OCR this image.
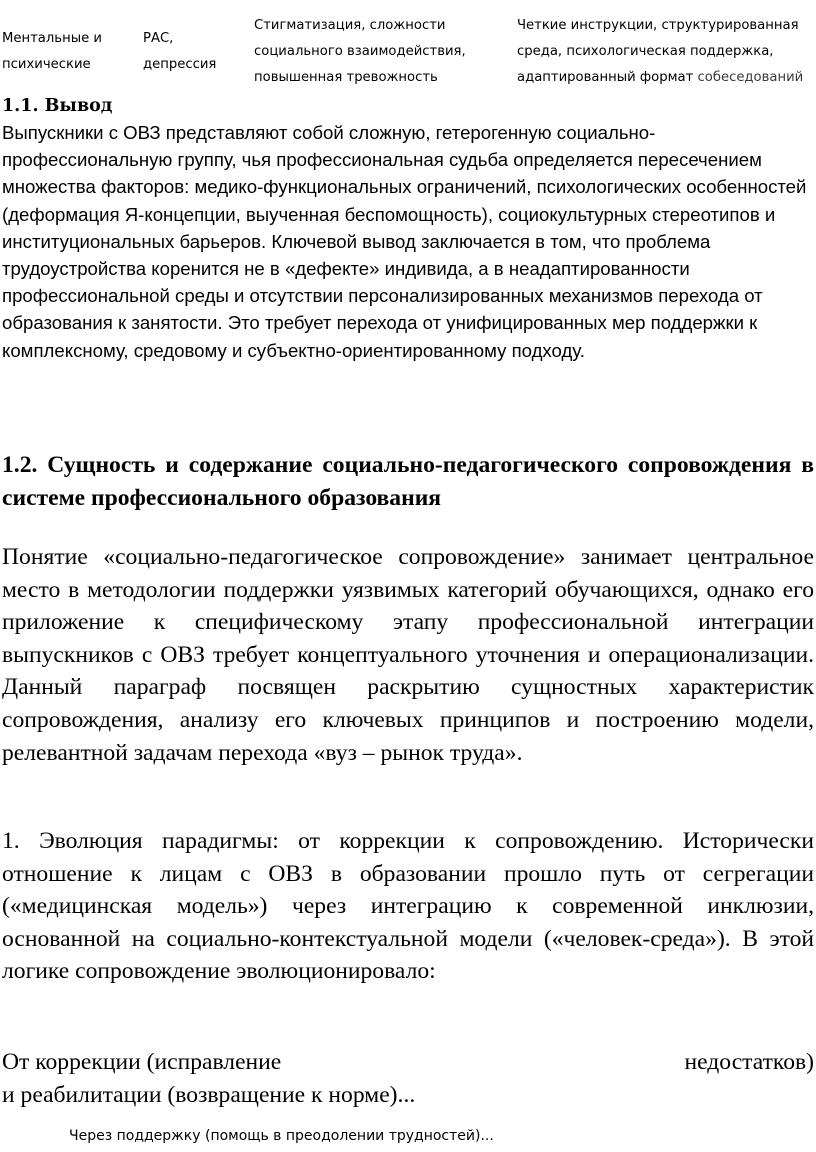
Ментальные и
психические
РАС,
депрессия
Стигматизация, сложности
социального взаимодействия,
повышенная тревожность
Четкие инструкции, структурированная
среда, психологическая поддержка,
адаптированный формат собеседований
1.1. Вывод
Выпускники с ОВЗ представляют собой сложную, гетерогенную социально-профессиональную группу, чья профессиональная судьба определяется пересечением множества факторов: медико-функциональных ограничений, психологических особенностей (деформация Я-концепции, выученная беспомощность), социокультурных стереотипов и институциональных барьеров. Ключевой вывод заключается в том, что проблема трудоустройства коренится не в «дефекте» индивида, а в неадаптированности профессиональной среды и отсутствии персонализированных механизмов перехода от образования к занятости. Это требует перехода от унифицированных мер поддержки к комплексному, средовому и субъектно-ориентированному подходу.
1.2. Сущность и содержание социально-педагогического сопровождения в системе профессионального образования
Понятие «социально-педагогическое сопровождение» занимает центральное место в методологии поддержки уязвимых категорий обучающихся, однако его приложение к специфическому этапу профессиональной интеграции выпускников с ОВЗ требует концептуального уточнения и операционализации. Данный параграф посвящен раскрытию сущностных характеристик сопровождения, анализу его ключевых принципов и построению модели, релевантной задачам перехода «вуз – рынок труда».
1. Эволюция парадигмы: от коррекции к сопровождению. Исторически отношение к лицам с ОВЗ в образовании прошло путь от сегрегации («медицинская модель») через интеграцию к современной инклюзии, основанной на социально-контекстуальной модели («человек-среда»). В этой логике сопровождение эволюционировало:
От коррекции (исправление	недостатков)
и реабилитации (возвращение к норме)...
Через поддержку (помощь в преодолении трудностей)...
